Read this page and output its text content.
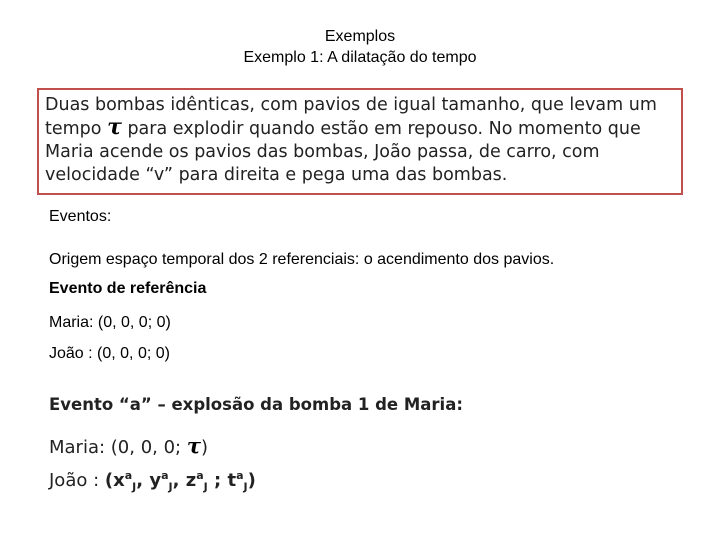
Exemplos
Exemplo 1: A dilatação do tempo
Duas bombas idênticas, com pavios de igual tamanho, que levam um
tempo τ para explodir quando estão em repouso. No momento que
Maria acende os pavios das bombas, João passa, de carro, com
velocidade “v” para direita e pega uma das bombas.
Eventos:
Origem espaço temporal dos 2 referenciais: o acendimento dos pavios.
Evento de referência
Maria: (0, 0, 0; 0)
João : (0, 0, 0; 0)
Evento “a” – explosão da bomba 1 de Maria:
Maria: (0, 0, 0; τ)
João : ($x^a_J$, $y^a_J$, $z^a_J$ ; $t^a_J$)
